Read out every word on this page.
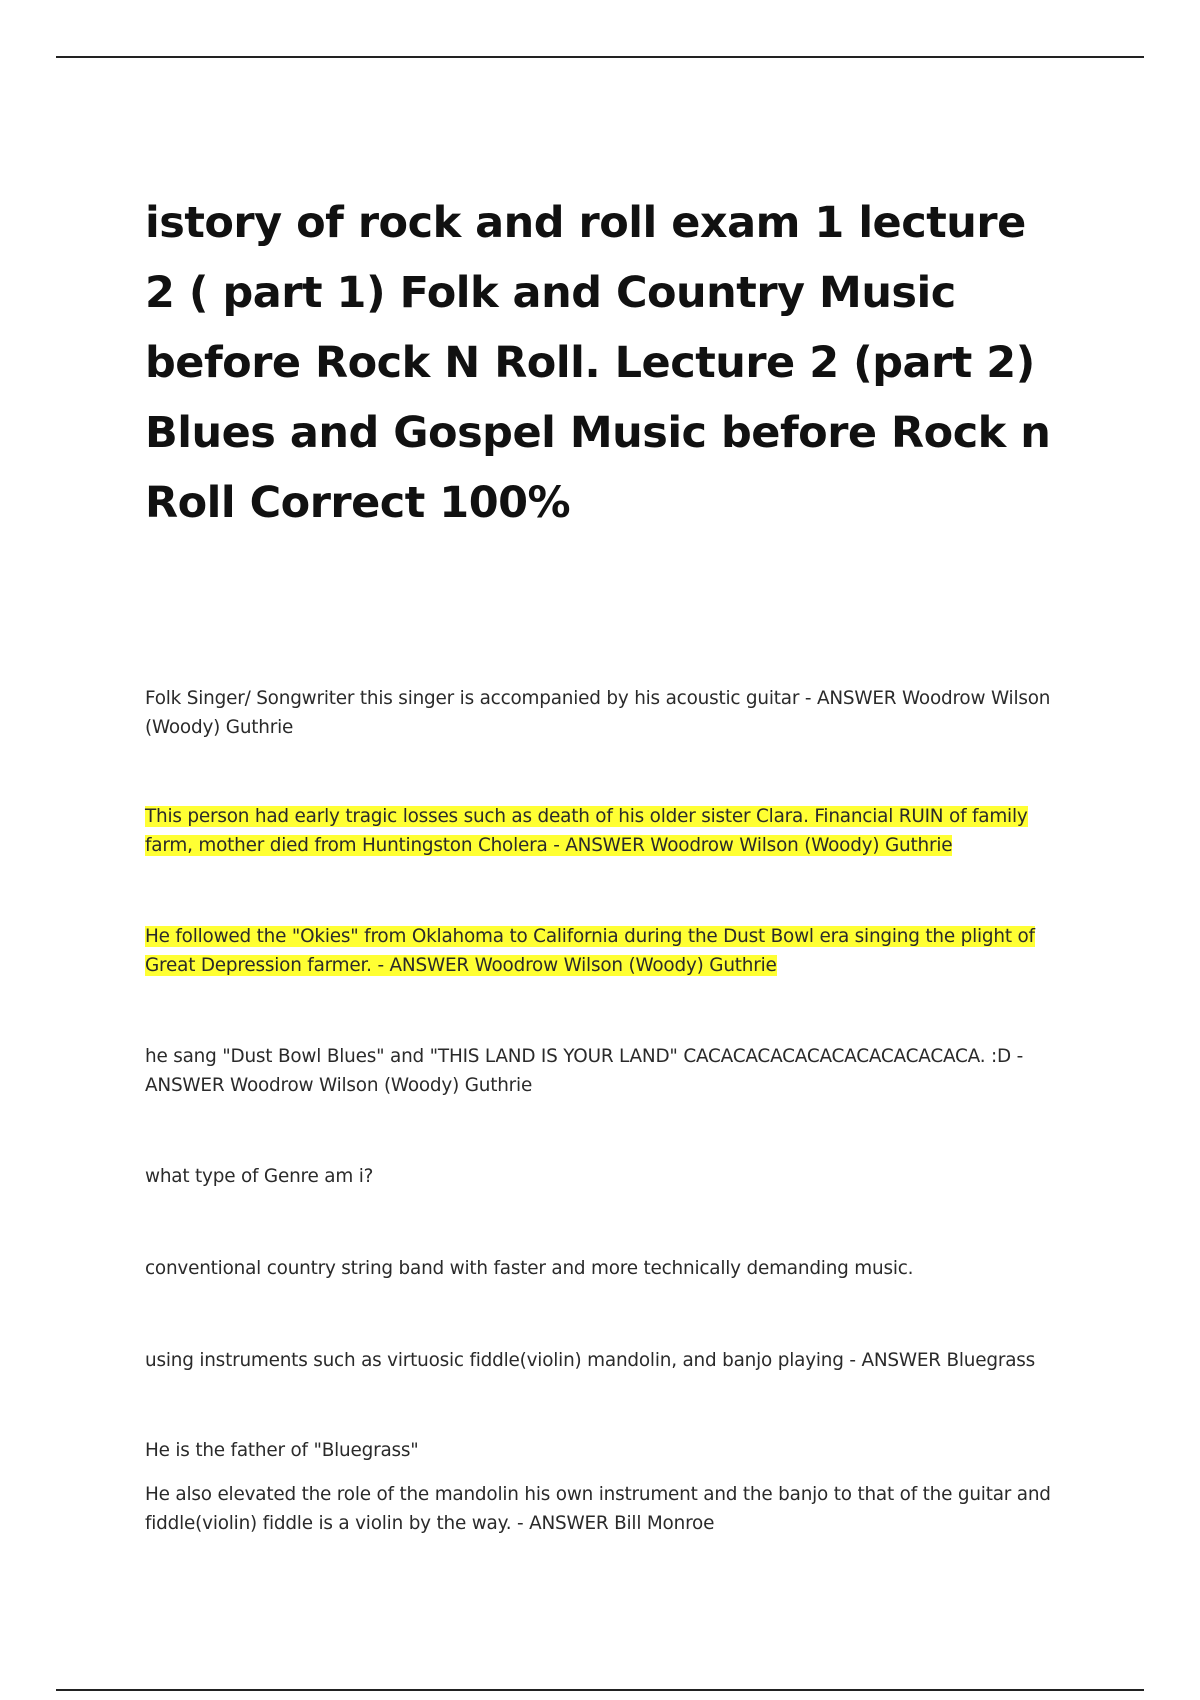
istory of rock and roll exam 1 lecture 2 ( part 1) Folk and Country Music before Rock N Roll. Lecture 2 (part 2) Blues and Gospel Music before Rock n Roll Correct 100%

Folk Singer/ Songwriter this singer is accompanied by his acoustic guitar - ANSWER Woodrow Wilson (Woody) Guthrie

This person had early tragic losses such as death of his older sister Clara. Financial RUIN of family farm, mother died from Huntingston Cholera - ANSWER Woodrow Wilson (Woody) Guthrie

He followed the "Okies" from Oklahoma to California during the Dust Bowl era singing the plight of Great Depression farmer. - ANSWER Woodrow Wilson (Woody) Guthrie

he sang "Dust Bowl Blues" and "THIS LAND IS YOUR LAND" CACACACACACACACACACACACA. :D - ANSWER Woodrow Wilson (Woody) Guthrie

what type of Genre am i?

conventional country string band with faster and more technically demanding music.

using instruments such as virtuosic fiddle(violin) mandolin, and banjo playing - ANSWER Bluegrass

He is the father of "Bluegrass"

He also elevated the role of the mandolin his own instrument and the banjo to that of the guitar and fiddle(violin) fiddle is a violin by the way. - ANSWER Bill Monroe
